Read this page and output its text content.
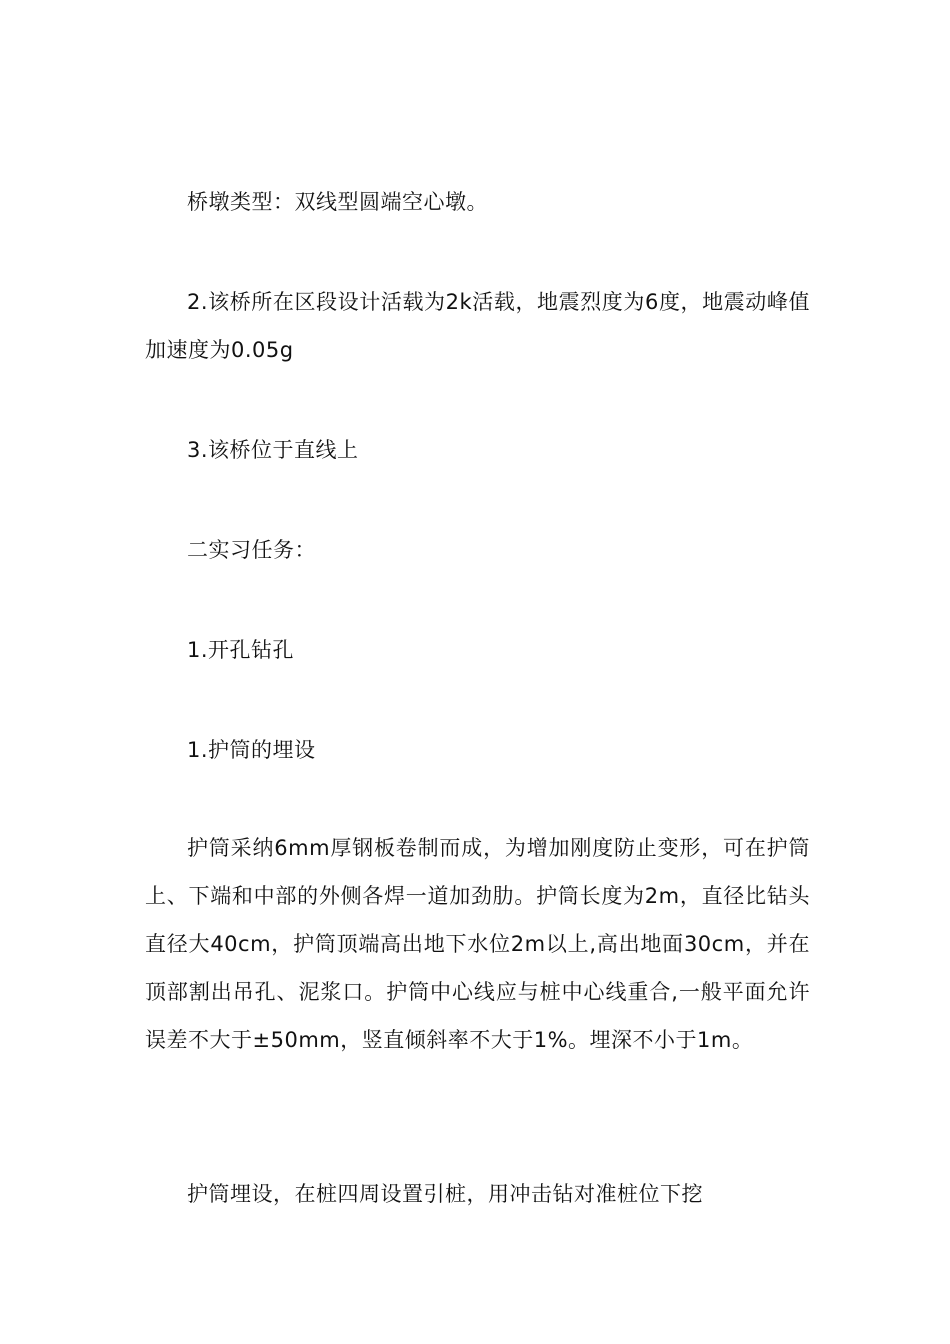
桥墩类型：双线型圆端空心墩。

2.该桥所在区段设计活载为2k活载，地震烈度为6度，地震动峰值加速度为0.05g

3.该桥位于直线上

二实习任务：

1.开孔钻孔

1.护筒的埋设

护筒采纳6mm厚钢板卷制而成，为增加刚度防止变形，可在护筒上、下端和中部的外侧各焊一道加劲肋。护筒长度为2m，直径比钻头直径大40cm，护筒顶端高出地下水位2m以上,高出地面30cm，并在顶部割出吊孔、泥浆口。护筒中心线应与桩中心线重合,一般平面允许误差不大于±50mm，竖直倾斜率不大于1%。埋深不小于1m。

护筒埋设，在桩四周设置引桩，用冲击钻对准桩位下挖
